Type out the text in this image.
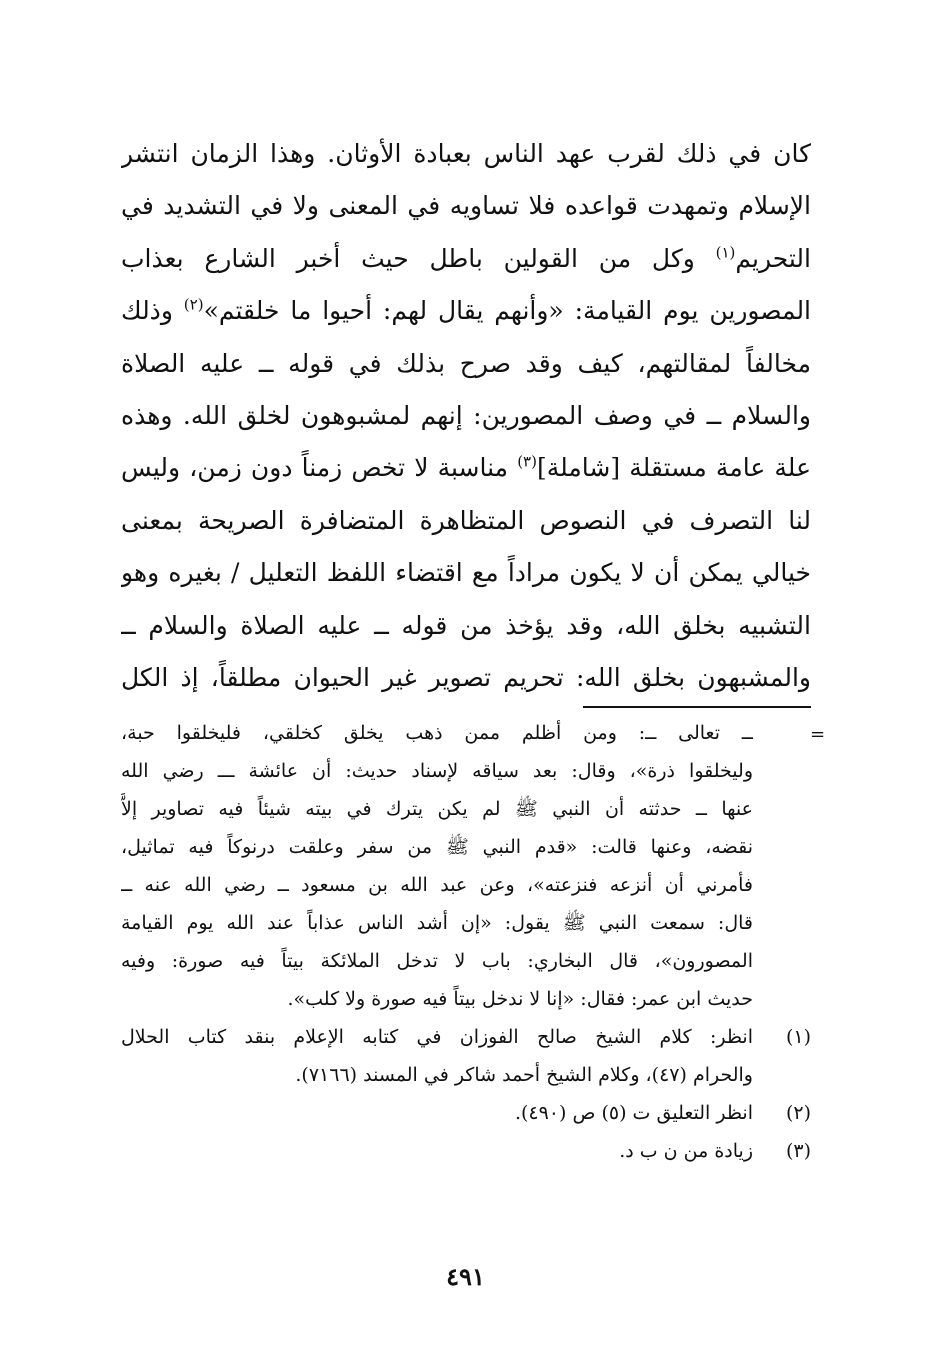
كان في ذلك لقرب عهد الناس بعبادة الأوثان. وهذا الزمان انتشر
الإسلام وتمهدت قواعده فلا تساويه في المعنى ولا في التشديد في
التحريم$^{(١)}$ وكل من القولين باطل حيث أخبر الشارع بعذاب
المصورين يوم القيامة: «وأنهم يقال لهم: أحيوا ما خلقتم»$^{(٢)}$ وذلك
مخالفاً لمقالتهم، كيف وقد صرح بذلك في قوله ــ عليه الصلاة
والسلام ــ في وصف المصورين: إنهم لمشبوهون لخلق الله. وهذه
علة عامة مستقلة [شاملة]$^{(٣)}$ مناسبة لا تخص زمناً دون زمن، وليس
لنا التصرف في النصوص المتظاهرة المتضافرة الصريحة بمعنى
خيالي يمكن أن لا يكون مراداً مع اقتضاء اللفظ التعليل / بغيره وهو
التشبيه بخلق الله، وقد يؤخذ من قوله ــ عليه الصلاة والسلام ــ
والمشبهون بخلق الله: تحريم تصوير غير الحيوان مطلقاً، إذ الكل
=
ــ تعالى ــ: ومن أظلم ممن ذهب يخلق كخلقي، فليخلقوا حبة،
وليخلقوا ذرة»، وقال: بعد سياقه لإسناد حديث: أن عائشة ـــ رضي الله
عنها ــ حدثته أن النبي ﷺ لم يكن يترك في بيته شيئاً فيه تصاوير إلاَّ
نقضه، وعنها قالت: «قدم النبي ﷺ من سفر وعلقت درنوكاً فيه تماثيل،
فأمرني أن أنزعه فنزعته»، وعن عبد الله بن مسعود ــ رضي الله عنه ــ
قال: سمعت النبي ﷺ يقول: «إن أشد الناس عذاباً عند الله يوم القيامة
المصورون»، قال البخاري: باب لا تدخل الملائكة بيتاً فيه صورة: وفيه
حديث ابن عمر: فقال: «إنا لا ندخل بيتاً فيه صورة ولا كلب».
(١)
انظر: كلام الشيخ صالح الفوزان في كتابه الإعلام بنقد كتاب الحلال
والحرام (٤٧)، وكلام الشيخ أحمد شاكر في المسند (٧١٦٦).
(٢)
انظر التعليق ت (٥) ص (٤٩٠).
(٣)
زيادة من ن ب د.
٤٩١
